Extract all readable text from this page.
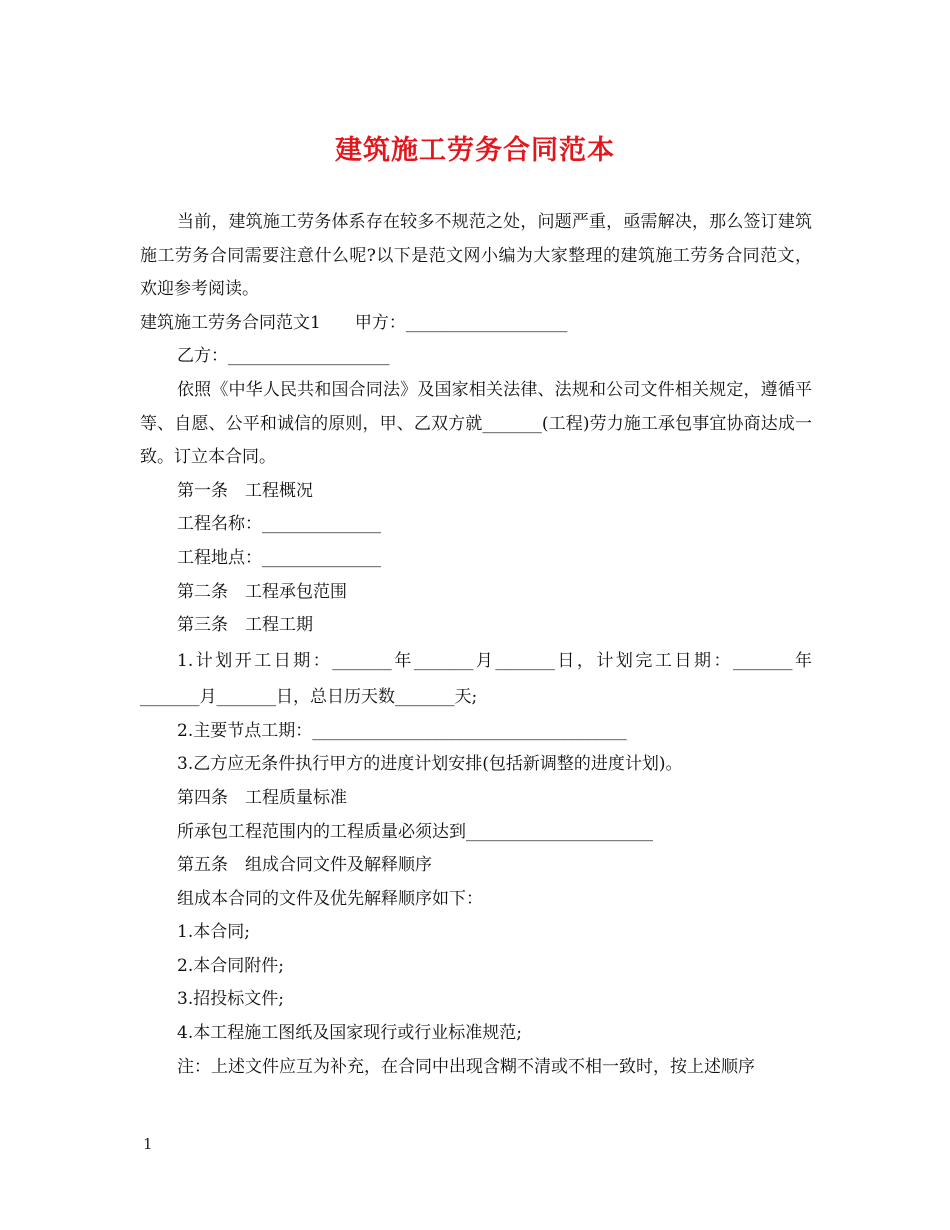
建筑施工劳务合同范本

当前，建筑施工劳务体系存在较多不规范之处，问题严重，亟需解决，那么签订建筑施工劳务合同需要注意什么呢?以下是范文网小编为大家整理的建筑施工劳务合同范文，欢迎参考阅读。

建筑施工劳务合同范文1　　甲方：___________________

乙方：___________________

依照《中华人民共和国合同法》及国家相关法律、法规和公司文件相关规定，遵循平等、自愿、公平和诚信的原则，甲、乙双方就_______(工程)劳力施工承包事宜协商达成一致。订立本合同。

第一条　工程概况

工程名称：______________

工程地点：______________

第二条　工程承包范围

第三条　工程工期

1.计划开工日期：_______年_______月_______日，计划完工日期：_______年_______月_______日，总日历天数_______天;

2.主要节点工期：_____________________________________

3.乙方应无条件执行甲方的进度计划安排(包括新调整的进度计划)。

第四条　工程质量标准

所承包工程范围内的工程质量必须达到______________________

第五条　组成合同文件及解释顺序

组成本合同的文件及优先解释顺序如下：

1.本合同;

2.本合同附件;

3.招投标文件;

4.本工程施工图纸及国家现行或行业标准规范;

注：上述文件应互为补充，在合同中出现含糊不清或不相一致时，按上述顺序

1
